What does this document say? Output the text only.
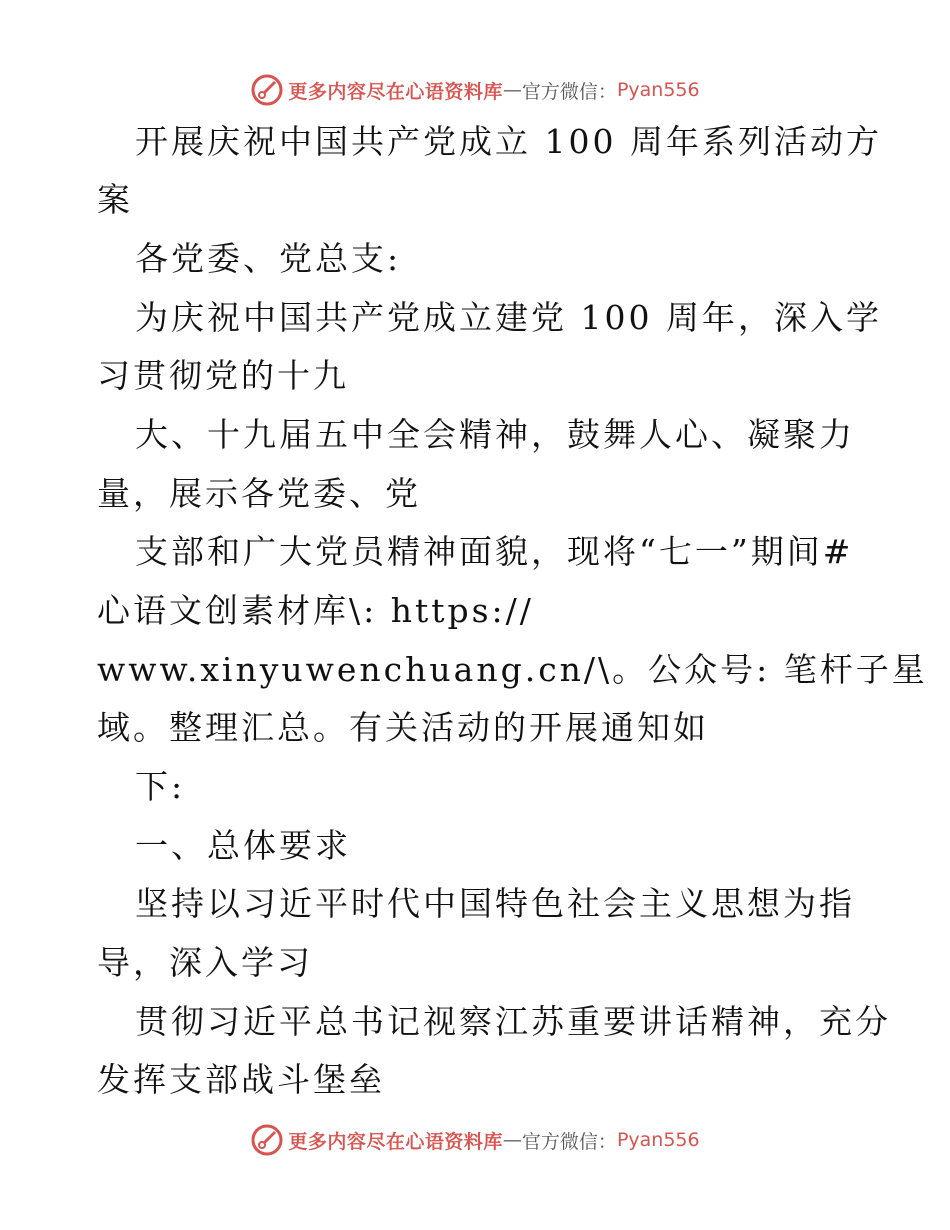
更多内容尽在心语资料库 — 官方微信： Pyan556
开展庆祝中国共产党成立 100 周年系列活动方
案
各党委、党总支:
为庆祝中国共产党成立建党 100 周年，深入学
习贯彻党的十九
大、十九届五中全会精神，鼓舞人心、凝聚力
量，展示各党委、党
支部和广大党员精神面貌，现将“七一”期间#
心语文创素材库\: https://
www.xinyuwenchuang.cn/\。公众号: 笔杆子星
域。整理汇总。有关活动的开展通知如
下:
一、总体要求
坚持以习近平时代中国特色社会主义思想为指
导，深入学习
贯彻习近平总书记视察江苏重要讲话精神，充分
发挥支部战斗堡垒
更多内容尽在心语资料库 — 官方微信： Pyan556
